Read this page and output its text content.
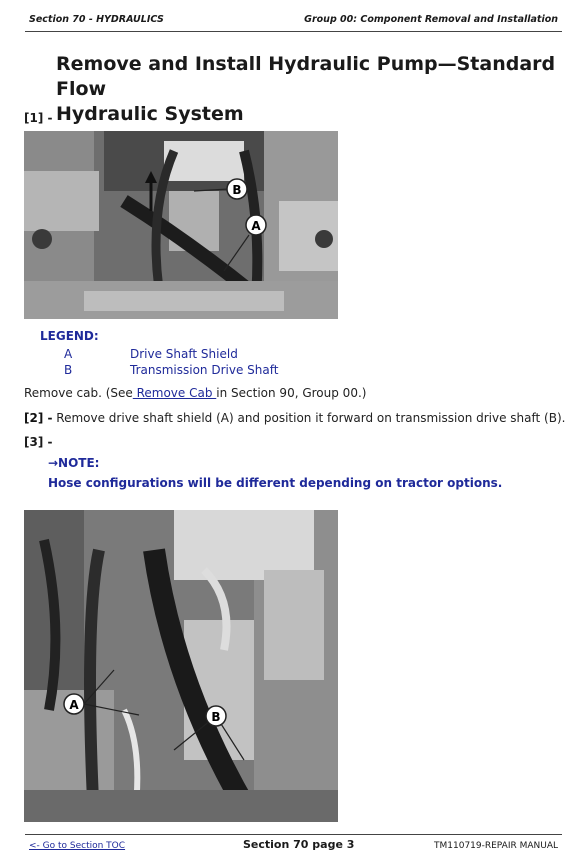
Section 70 - HYDRAULICS	Group 00: Component Removal and Installation
Remove and Install Hydraulic Pump—Standard Flow
Hydraulic System
[1] -
B
A
LEGEND:
A	Drive Shaft Shield
B	Transmission Drive Shaft
Remove cab. (See Remove Cab in Section 90, Group 00.)
[2] - Remove drive shaft shield (A) and position it forward on transmission drive shaft (B).
[3] -
→NOTE:
Hose configurations will be different depending on tractor options.
A
B
<- Go to Section TOC	Section 70 page 3	TM110719-REPAIR MANUAL
